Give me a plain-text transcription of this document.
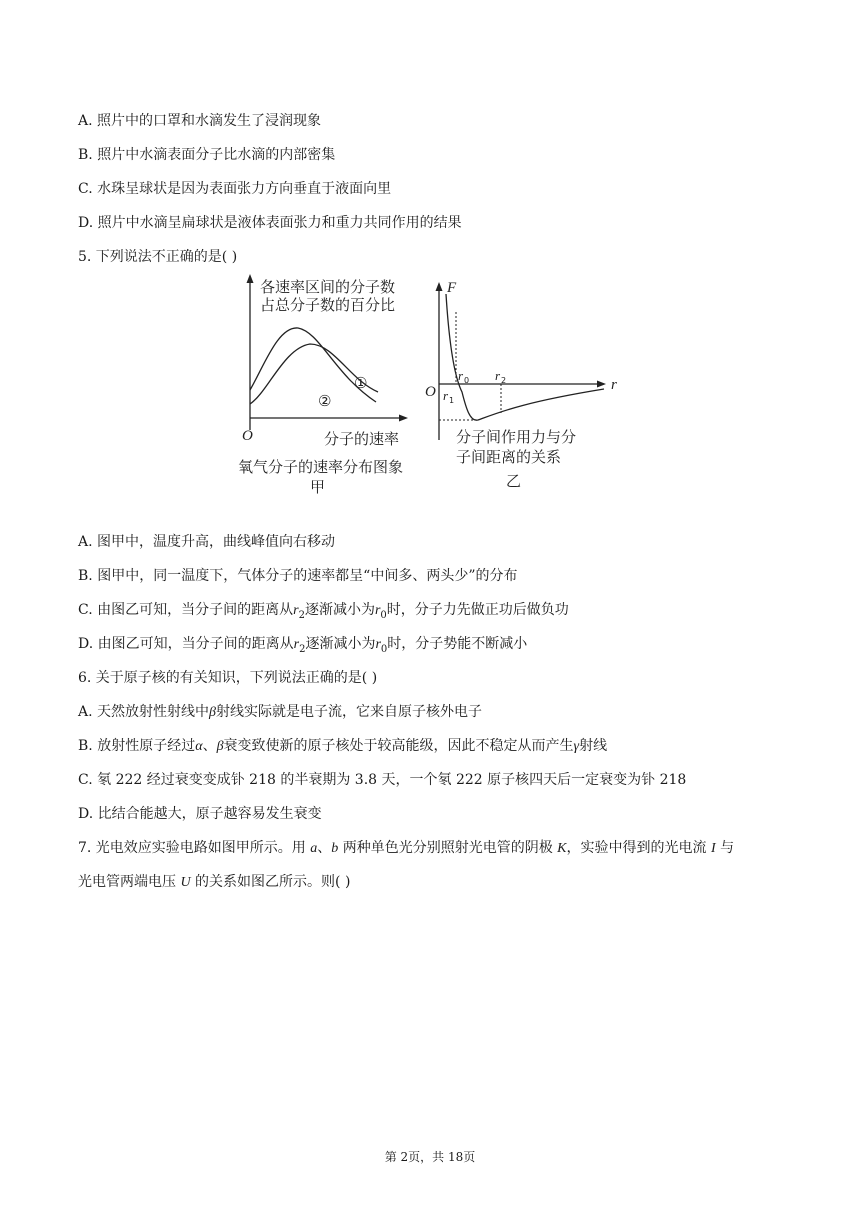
A. 照片中的口罩和水滴发生了浸润现象
B. 照片中水滴表面分子比水滴的内部密集
C. 水珠呈球状是因为表面张力方向垂直于液面向里
D. 照片中水滴呈扁球状是液体表面张力和重力共同作用的结果
5. 下列说法不正确的是( )
各速率区间的分子数
占总分子数的百分比
O	分子的速率
①
②
氧气分子的速率分布图象
甲
F
r
O
r 0
r 1
r 2
分子间作用力与分
子间距离的关系
乙
A. 图甲中，温度升高，曲线峰值向右移动
B. 图甲中，同一温度下，气体分子的速率都呈“中间多、两头少”的分布
C. 由图乙可知，当分子间的距离从$r_2$逐渐减小为$r_0$时，分子力先做正功后做负功
D. 由图乙可知，当分子间的距离从$r_2$逐渐减小为$r_0$时，分子势能不断减小
6. 关于原子核的有关知识，下列说法正确的是( )
A. 天然放射性射线中β射线实际就是电子流，它来自原子核外电子
B. 放射性原子经过α、β衰变致使新的原子核处于较高能级，因此不稳定从而产生γ射线
C. 氡 222 经过衰变变成钋 218 的半衰期为 3.8 天，一个氡 222 原子核四天后一定衰变为钋 218
D. 比结合能越大，原子越容易发生衰变
7. 光电效应实验电路如图甲所示。用 a、b 两种单色光分别照射光电管的阴极 K，实验中得到的光电流 I 与
光电管两端电压 U 的关系如图乙所示。则( )
第 2页，共 18页
